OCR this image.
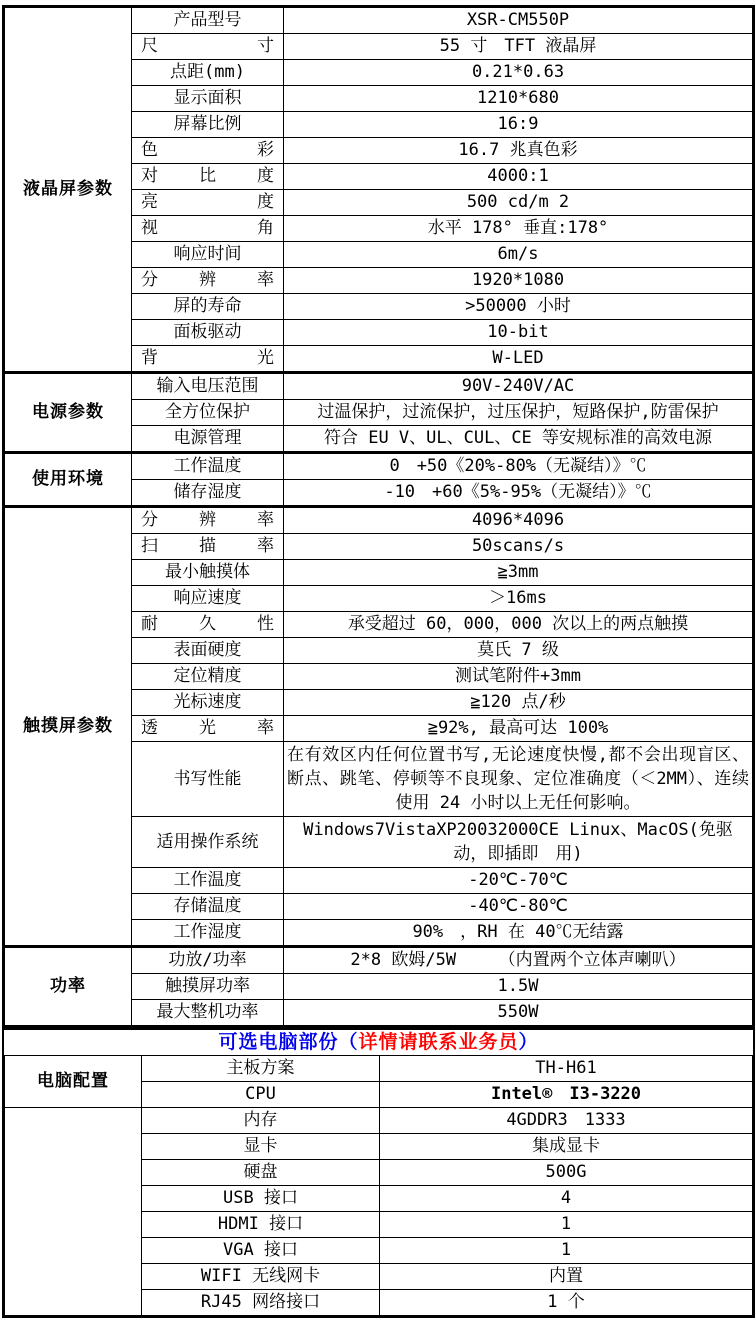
液晶屏参数	产品型号	XSR-CM550P
	尺寸	55 寸　TFT 液晶屏
	点距(mm)	0.21*0.63
	显示面积	1210*680
	屏幕比例	16:9
	色彩	16.7 兆真色彩
	对比度	4000:1
	亮度	500 cd/m 2
	视角	水平 178° 垂直:178°
	响应时间	6m/s
	分辨率	1920*1080
	屏的寿命	>50000 小时
	面板驱动	10-bit
	背光	W-LED
电源参数	输入电压范围	90V-240V/AC
	全方位保护	过温保护，过流保护，过压保护，短路保护,防雷保护
	电源管理	符合 EU V、UL、CUL、CE 等安规标准的高效电源
使用环境	工作温度	0　+50《20%-80%（无凝结）》℃
	储存湿度	-10　+60《5%-95%（无凝结）》℃
触摸屏参数	分辨率	4096*4096
	扫描率	50scans/s
	最小触摸体	≧3mm
	响应速度	＞16ms
	耐久性	承受超过 60，000，000 次以上的两点触摸
	表面硬度	莫氏 7 级
	定位精度	测试笔附件+3mm
	光标速度	≧120 点/秒
	透光率	≧92%, 最高可达 100%
	书写性能	在有效区内任何位置书写,无论速度快慢,都不会出现盲区、断点、跳笔、停顿等不良现象、定位准确度（＜2MM）、连续使用 24 小时以上无任何影响。
	适用操作系统	Windows7VistaXP20032000CE Linux、MacOS(免驱动，即插即　用)
	工作温度	-20℃-70℃
	存储温度	-40℃-80℃
	工作湿度	90%　，RH 在 40℃无结露
功率	功放/功率	2*8 欧姆/5W　　　（内置两个立体声喇叭）
	触摸屏功率	1.5W
	最大整机功率	550W
可选电脑部份（详情请联系业务员）
电脑配置	主板方案	TH-H61
	CPU	Intel®　I3-3220
	内存	4GDDR3　1333
	显卡	集成显卡
	硬盘	500G
	USB 接口	4
	HDMI 接口	1
	VGA 接口	1
	WIFI 无线网卡	内置
	RJ45 网络接口	1 个
